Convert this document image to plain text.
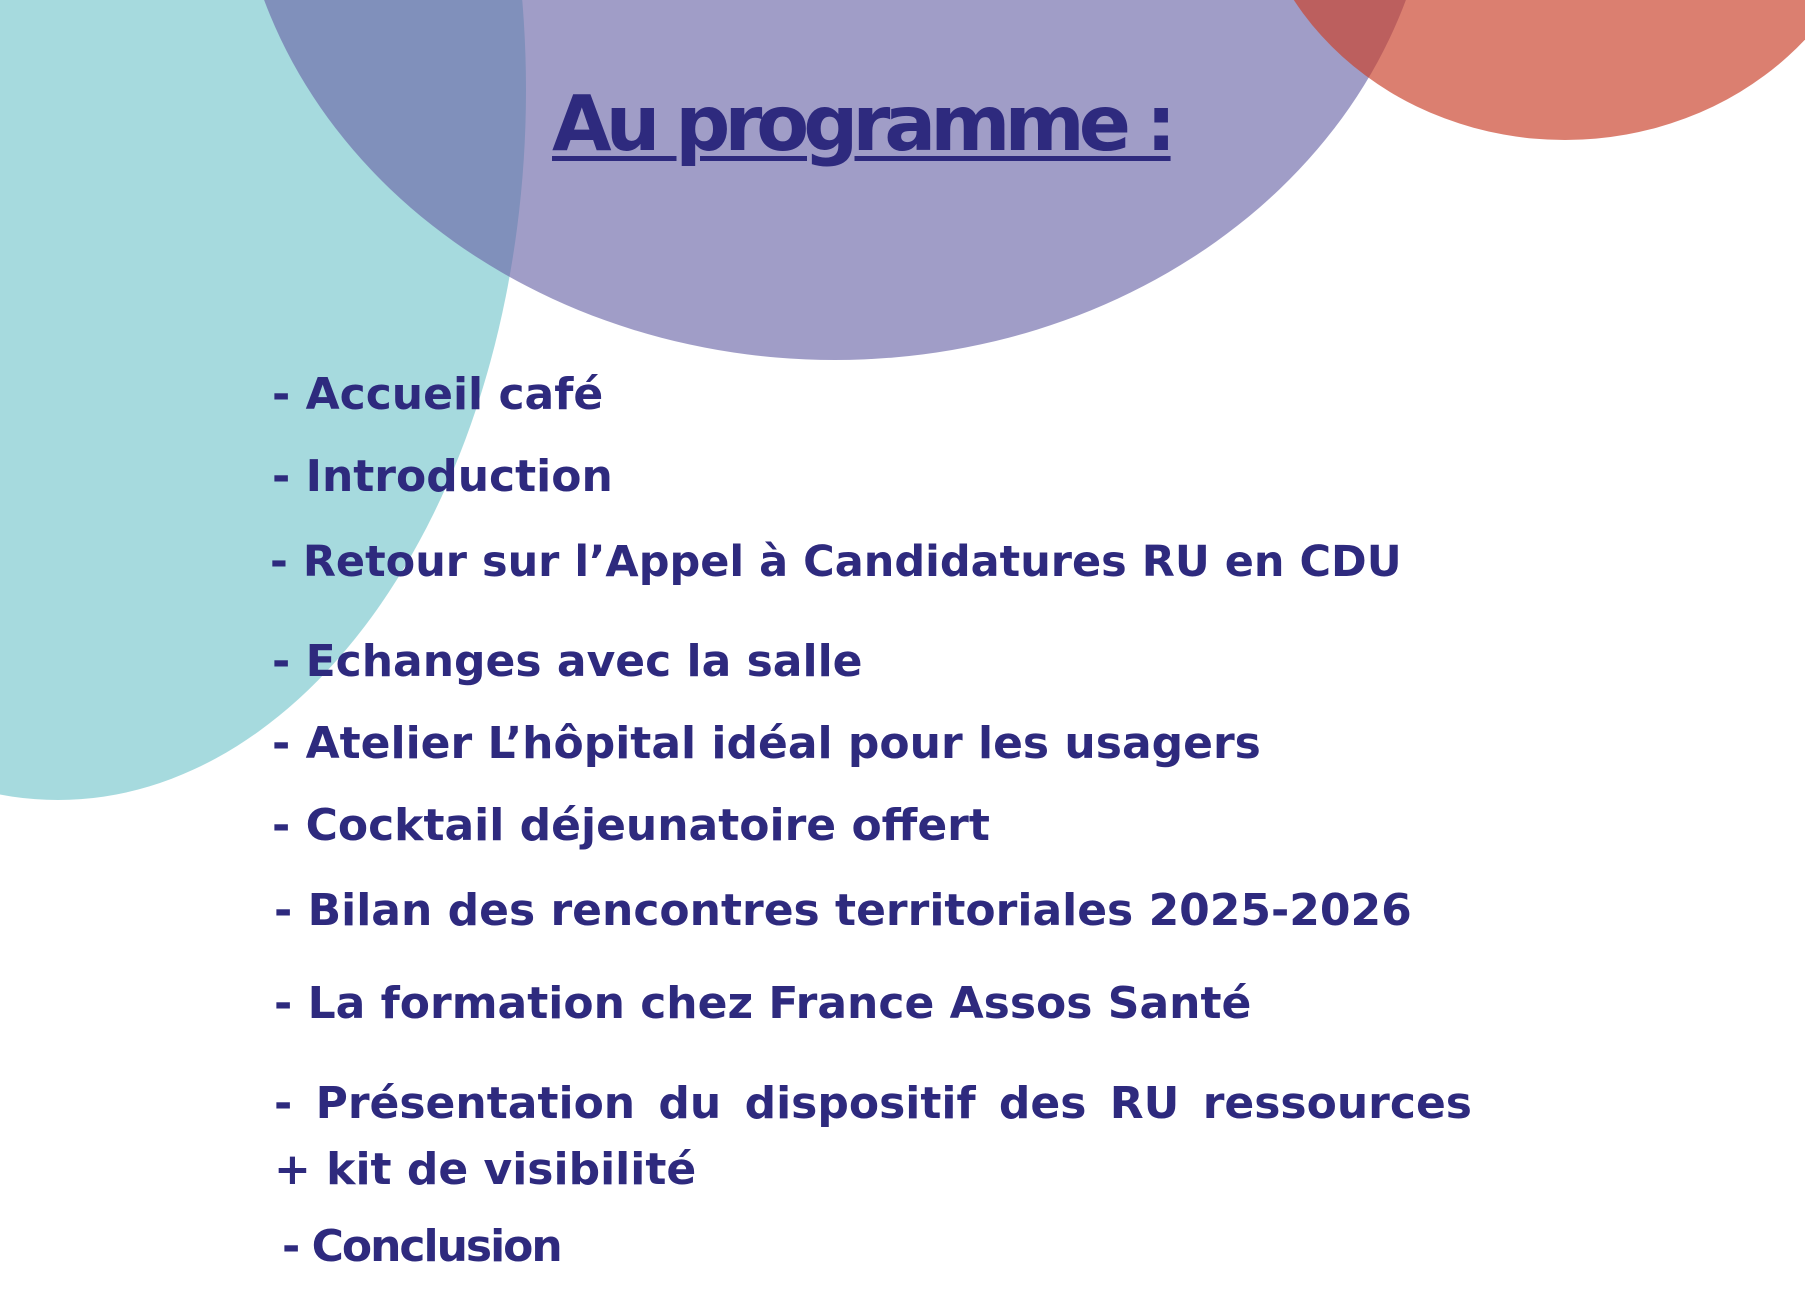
Au programme :

- Accueil café

- Introduction

- Retour sur l’Appel à Candidatures RU en CDU

- Echanges avec la salle

- Atelier L’hôpital idéal pour les usagers

- Cocktail déjeunatoire offert

- Bilan des rencontres territoriales 2025-2026

- La formation chez France Assos Santé

- Présentation du dispositif des RU ressources

+ kit de visibilité

- Conclusion
